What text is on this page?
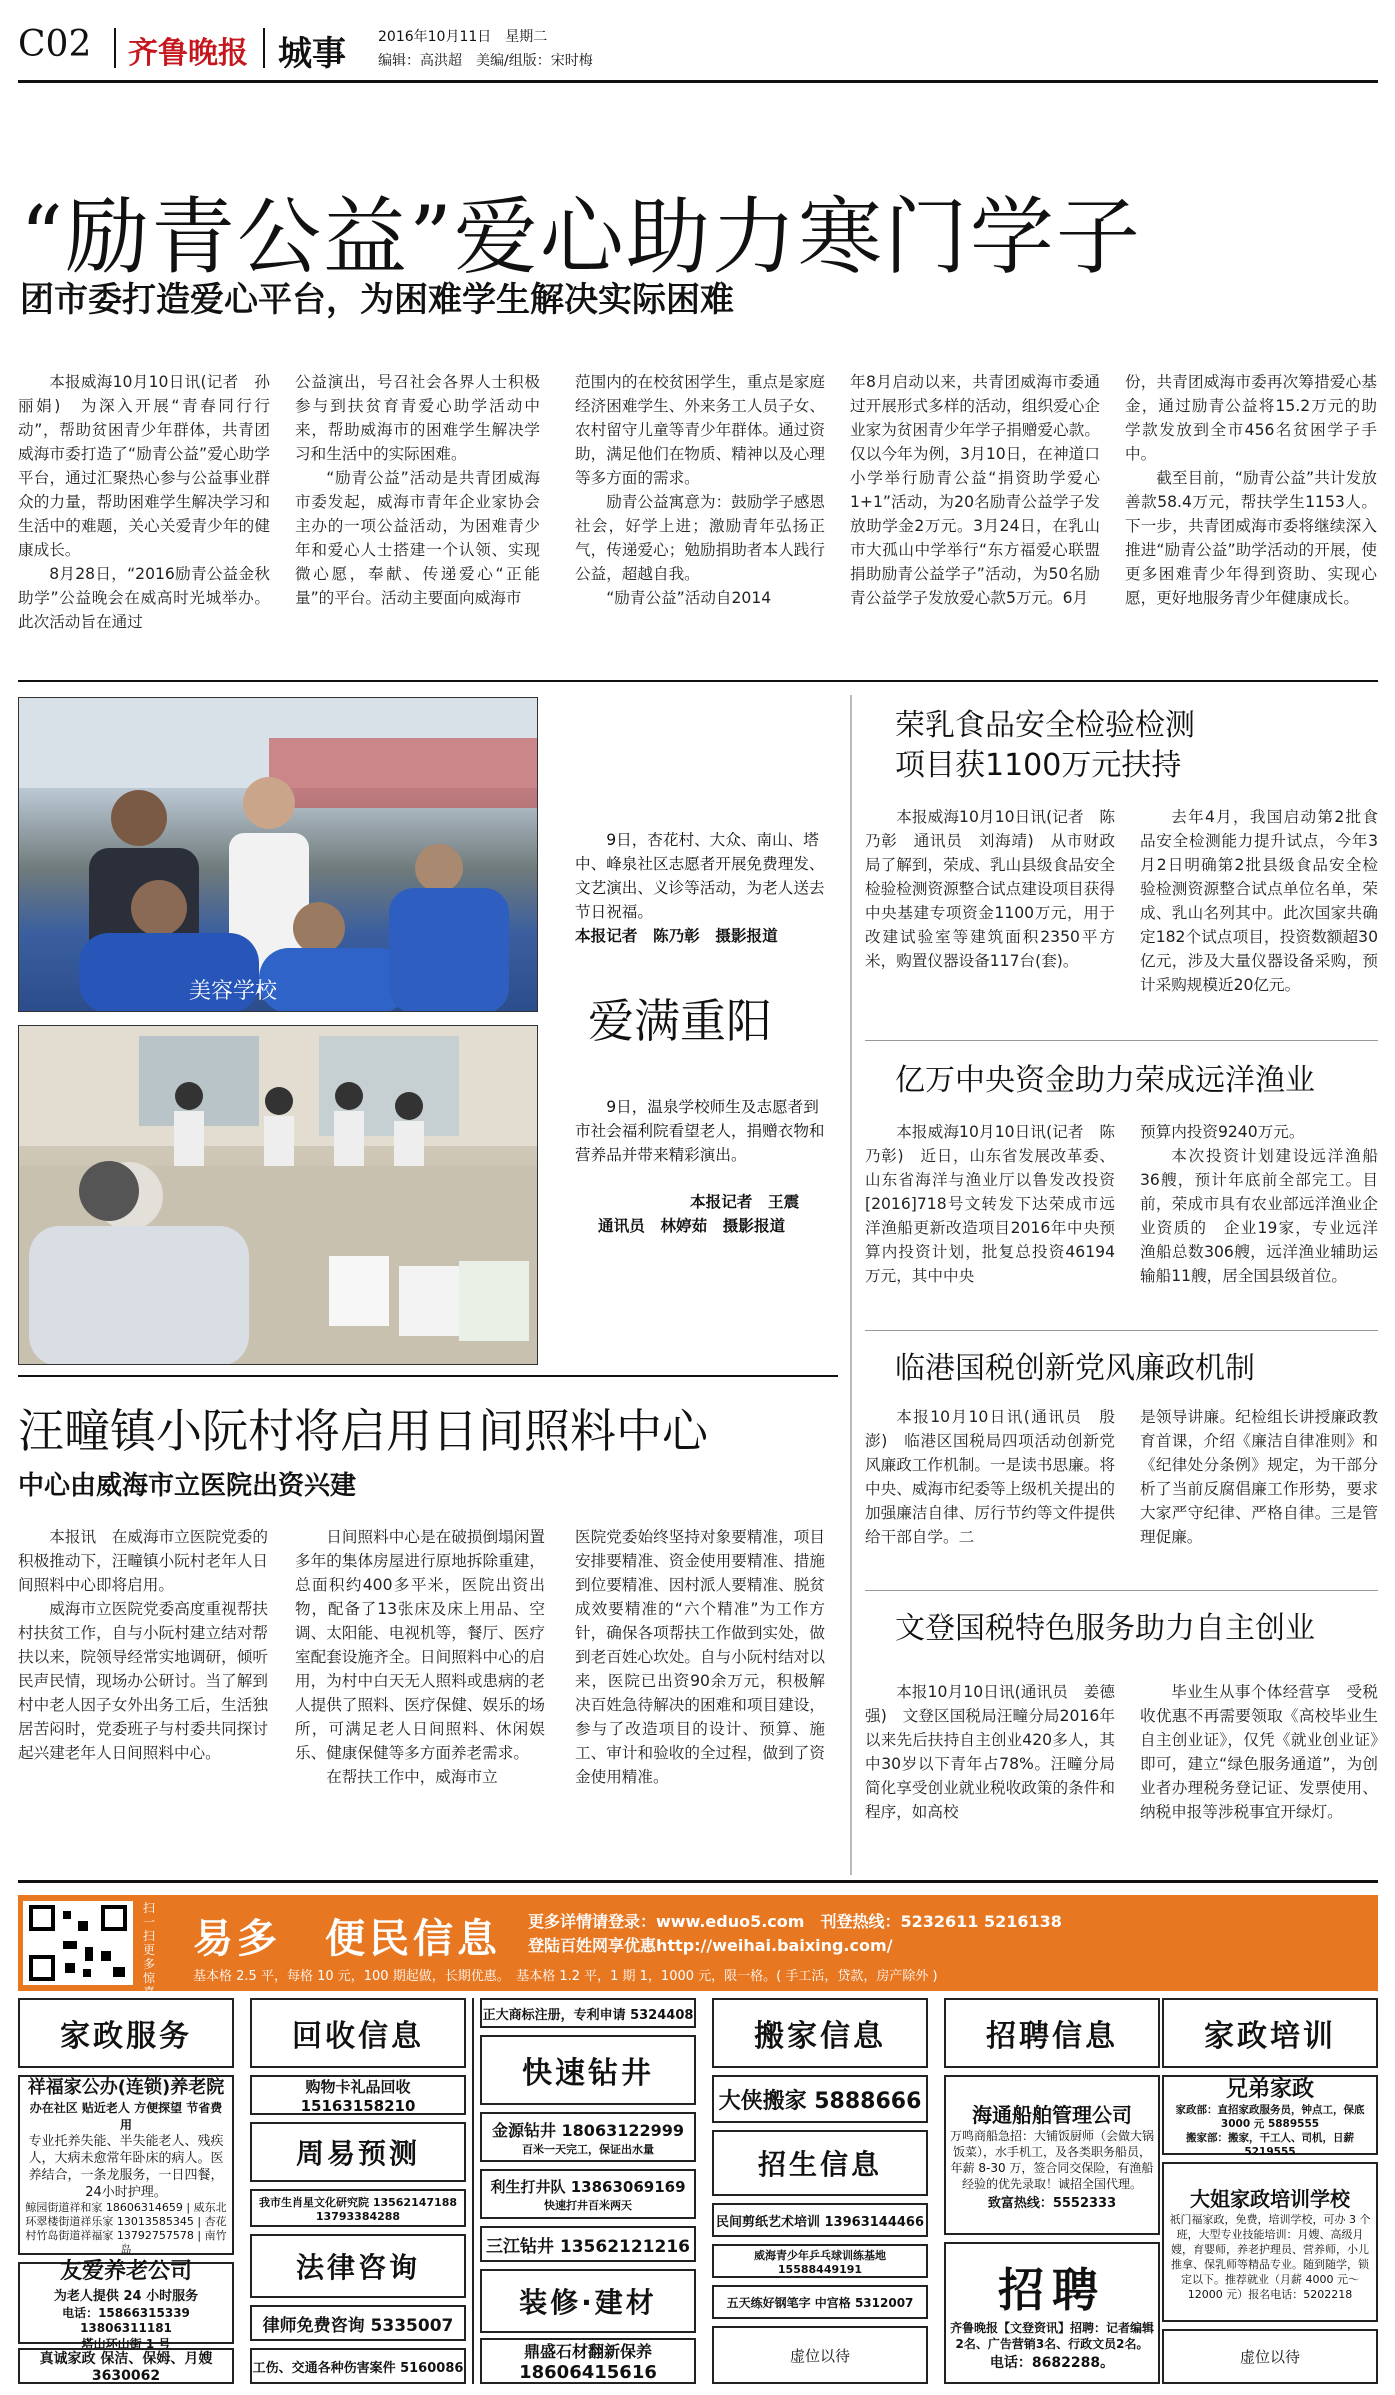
C02 齐鲁晚报 城事 2016年10月11日　星期二
编辑：高洪超　美编/组版：宋时梅
“励青公益”爱心助力寒门学子
团市委打造爱心平台，为困难学生解决实际困难

本报威海10月10日讯(记者　孙丽娟)　为深入开展“青春同行行动”，帮助贫困青少年群体，共青团威海市委打造了“励青公益”爱心助学平台，通过汇聚热心参与公益事业群众的力量，帮助困难学生解决学习和生活中的难题，关心关爱青少年的健康成长。

8月28日，“2016励青公益金秋助学”公益晚会在威高时光城举办。此次活动旨在通过

公益演出，号召社会各界人士积极参与到扶贫育青爱心助学活动中来，帮助威海市的困难学生解决学习和生活中的实际困难。

“励青公益”活动是共青团威海市委发起，威海市青年企业家协会主办的一项公益活动，为困难青少年和爱心人士搭建一个认领、实现微心愿，奉献、传递爱心“正能量”的平台。活动主要面向威海市

范围内的在校贫困学生，重点是家庭经济困难学生、外来务工人员子女、农村留守儿童等青少年群体。通过资助，满足他们在物质、精神以及心理等多方面的需求。

励青公益寓意为：鼓励学子感恩社会，好学上进；激励青年弘扬正气，传递爱心；勉励捐助者本人践行公益，超越自我。

“励青公益”活动自2014

年8月启动以来，共青团威海市委通过开展形式多样的活动，组织爱心企业家为贫困青少年学子捐赠爱心款。仅以今年为例，3月10日，在神道口小学举行励青公益“捐资助学爱心1+1”活动，为20名励青公益学子发放助学金2万元。3月24日，在乳山市大孤山中学举行“东方福爱心联盟捐助励青公益学子”活动，为50名励青公益学子发放爱心款5万元。6月

份，共青团威海市委再次筹措爱心基金，通过励青公益将15.2万元的助学款发放到全市456名贫困学子手中。

截至目前，“励青公益”共计发放善款58.4万元，帮扶学生1153人。下一步，共青团威海市委将继续深入推进“励青公益”助学活动的开展，使更多困难青少年得到资助、实现心愿，更好地服务青少年健康成长。

美容学校
9日，杏花村、大众、南山、塔中、峰泉社区志愿者开展免费理发、文艺演出、义诊等活动，为老人送去节日祝福。
本报记者　陈乃彰　摄影报道
爱满重阳
9日，温泉学校师生及志愿者到市社会福利院看望老人，捐赠衣物和营养品并带来精彩演出。
本报记者　王震
通讯员　林婷茹　摄影报道
荣乳食品安全检验检测
项目获1100万元扶持
本报威海10月10日讯(记者　陈乃彰　通讯员　刘海靖)　从市财政局了解到，荣成、乳山县级食品安全检验检测资源整合试点建设项目获得中央基建专项资金1100万元，用于改建试验室等建筑面积2350平方米，购置仪器设备117台(套)。
去年4月，我国启动第2批食品安全检测能力提升试点，今年3月2日明确第2批县级食品安全检验检测资源整合试点单位名单，荣成、乳山名列其中。此次国家共确定182个试点项目，投资数额超30亿元，涉及大量仪器设备采购，预计采购规模近20亿元。
亿万中央资金助力荣成远洋渔业
本报威海10月10日讯(记者　陈乃彰)　近日，山东省发展改革委、山东省海洋与渔业厅以鲁发改投资[2016]718号文转发下达荣成市远洋渔船更新改造项目2016年中央预算内投资计划，批复总投资46194万元，其中中央

预算内投资9240万元。

本次投资计划建设远洋渔船36艘，预计年底前全部完工。目前，荣成市具有农业部远洋渔业企业资质的　企业19家，专业远洋渔船总数306艘，远洋渔业辅助运输船11艘，居全国县级首位。

临港国税创新党风廉政机制
本报10月10日讯(通讯员　殷澎)　临港区国税局四项活动创新党风廉政工作机制。一是读书思廉。将中央、威海市纪委等上级机关提出的加强廉洁自律、厉行节约等文件提供给干部自学。二
是领导讲廉。纪检组长讲授廉政教育首课，介绍《廉洁自律准则》和《纪律处分条例》规定，为干部分析了当前反腐倡廉工作形势，要求大家严守纪律、严格自律。三是管理促廉。
文登国税特色服务助力自主创业
本报10月10日讯(通讯员　姜德强)　文登区国税局汪疃分局2016年以来先后扶持自主创业420多人，其中30岁以下青年占78%。汪疃分局简化享受创业就业税收政策的条件和程序，如高校
毕业生从事个体经营享　受税收优惠不再需要领取《高校毕业生自主创业证》，仅凭《就业创业证》即可，建立“绿色服务通道”，为创业者办理税务登记证、发票使用、纳税申报等涉税事宜开绿灯。
汪疃镇小阮村将启用日间照料中心
中心由威海市立医院出资兴建

本报讯　在威海市立医院党委的积极推动下，汪疃镇小阮村老年人日间照料中心即将启用。

威海市立医院党委高度重视帮扶村扶贫工作，自与小阮村建立结对帮扶以来，院领导经常实地调研，倾听民声民情，现场办公研讨。当了解到村中老人因子女外出务工后，生活独居苦闷时，党委班子与村委共同探讨起兴建老年人日间照料中心。

日间照料中心是在破损倒塌闲置多年的集体房屋进行原地拆除重建，总面积约400多平米，医院出资出物，配备了13张床及床上用品、空调、太阳能、电视机等，餐厅、医疗室配套设施齐全。日间照料中心的启用，为村中白天无人照料或患病的老人提供了照料、医疗保健、娱乐的场所，可满足老人日间照料、休闲娱乐、健康保健等多方面养老需求。

在帮扶工作中，威海市立

医院党委始终坚持对象要精准，项目安排要精准、资金使用要精准、措施到位要精准、因村派人要精准、脱贫成效要精准的“六个精准”为工作方针，确保各项帮扶工作做到实处，做到老百姓心坎处。自与小阮村结对以来，医院已出资90余万元，积极解决百姓急待解决的困难和项目建设，参与了改造项目的设计、预算、施工、审计和验收的全过程，做到了资金使用精准。

扫一扫 更多惊喜
易多　便民信息 更多详情请登录：www.eduo5.com　刊登热线：5232611 5216138
登陆百姓网享优惠http://weihai.baixing.com/
基本格 2.5 平，每格 10 元，100 期起做，长期优惠。　基本格 1.2 平，1 期 1，1000 元，限一格。( 手工活，贷款，房产除外 )
家政服务
祥福家公办(连锁)养老院
办在社区 贴近老人 方便探望 节省费用
专业托养失能、半失能老人、残疾人，大病未愈常年卧床的病人。医养结合，一条龙服务，一日四餐，24小时护理。
鲸园街道祥和家 18606314659 | 威东北环翠楼街道祥乐家 13013585345 | 杏花村竹岛街道祥福家 13792757578 | 南竹岛
友爱养老公司
为老人提供 24 小时服务
电话：15866315339 13806311181
塔山环山街 1 号
真诚家政 保洁、保姆、月嫂 3630062
回收信息
购物卡礼品回收 15163158210
周易预测
我市生肖星文化研究院 13562147188 13793384288
法律咨询
律师免费咨询 5335007
工伤、交通各种伤害案件 5160086
正大商标注册，专利申请 5324408
快速钻井
金源钻井 18063122999
百米一天完工，保证出水量
利生打井队 13863069169
快速打井百米两天
三江钻井 13562121216
装修·建材
鼎盛石材翻新保养
18606415616
搬家信息
大侠搬家 5888666
招生信息
民间剪纸艺术培训 13963144466
威海青少年乒乓球训练基地 15588449191
五天练好钢笔字 中宫格 5312007
虚位以待
招聘信息
海通船舶管理公司
万鸣商船急招：大铺饭厨师（会做大锅饭菜），水手机工，及各类职务船员，年薪 8-30 万，签合同交保险，有渔船经验的优先录取！诚招全国代理。
致富热线：5552333
招聘
齐鲁晚报【文登资讯】招聘：记者编辑2名、广告营销3名、行政文员2名。
电话：8682288。
家政培训
兄弟家政
家政部：直招家政服务员，钟点工，保底 3000 元 5889555
搬家部：搬家，干工人、司机，日薪 5219555
大姐家政培训学校
祇门福家政，免费，培训学校，可办 3 个班，大型专业技能培训：月嫂、高级月嫂，育婴师，养老护理员、营养师，小儿推拿、保乳师等精品专业。随到随学，锁定以下。推荐就业（月薪 4000 元～12000 元）报名电话：5202218
虚位以待
